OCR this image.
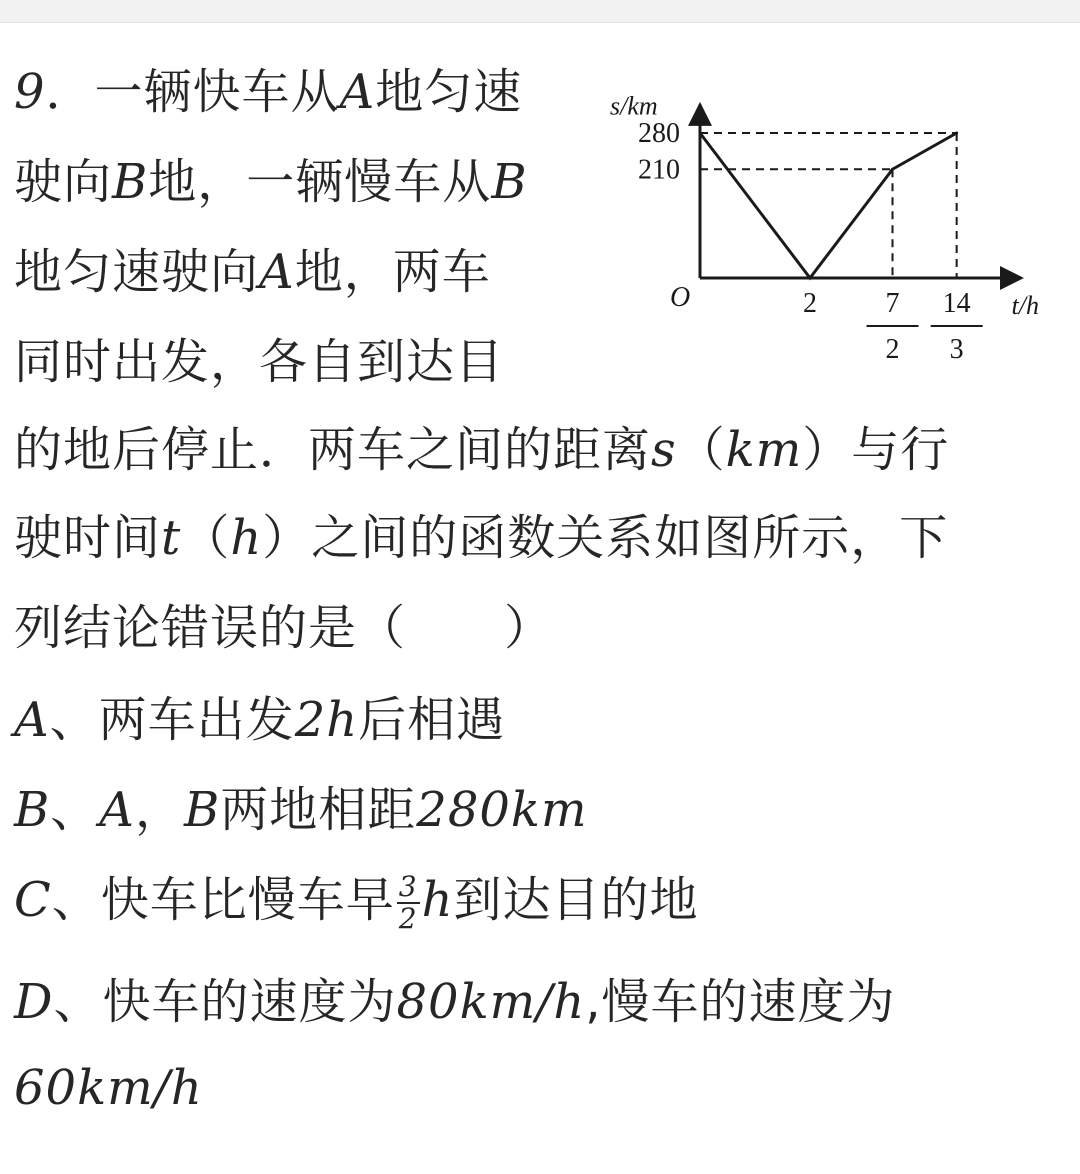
9．一辆快车从A地匀速
驶向B地，一辆慢车从B
地匀速驶向A地，两车
同时出发，各自到达目
的地后停止．两车之间的距离s（km）与行
驶时间t（h）之间的函数关系如图所示，下
列结论错误的是（　　）
A、两车出发2h后相遇
B、A，B两地相距280km
C、快车比慢车早 $\frac{3}{2}$ h到达目的地
D、快车的速度为80km/h,慢车的速度为
60km/h
s/km
t/h
O
280
210
2 7
2
14
3
